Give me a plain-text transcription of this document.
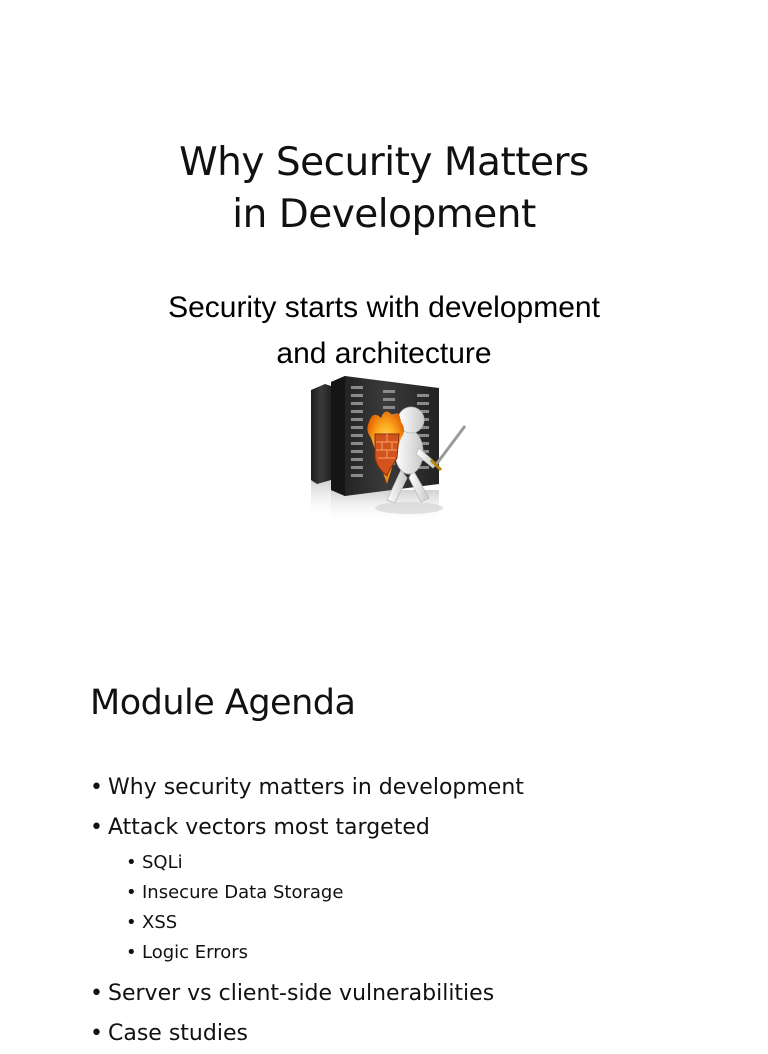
Why Security Matters
in Development
Security starts with development
and architecture
Module Agenda
• Why security matters in development
• Attack vectors most targeted
• SQLi
• Insecure Data Storage
• XSS
• Logic Errors
• Server vs client-side vulnerabilities
• Case studies
